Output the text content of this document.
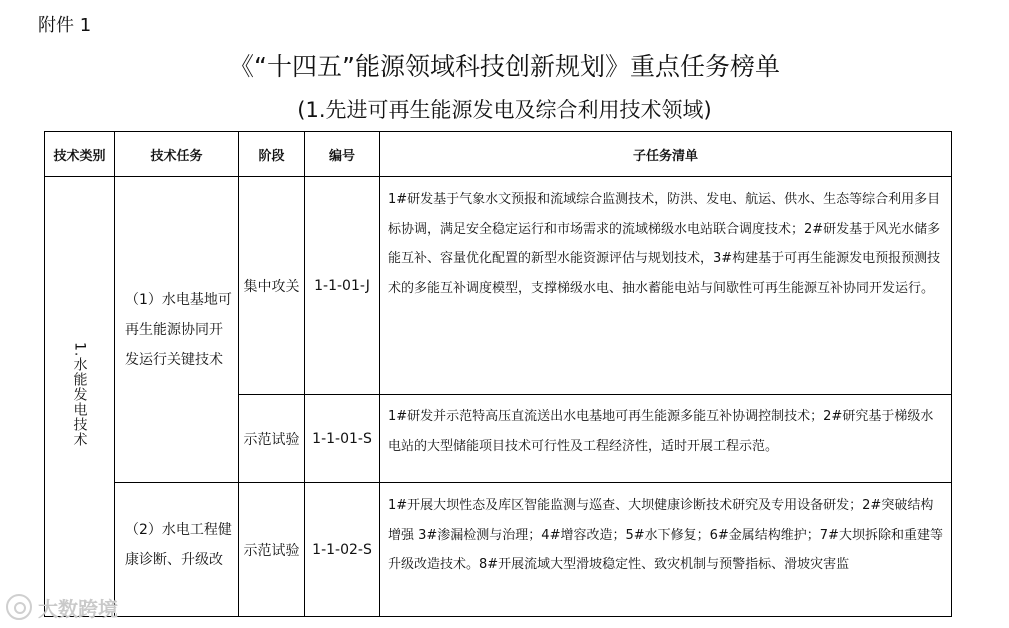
附件 1
《“十四五”能源领域科技创新规划》重点任务榜单
(1.先进可再生能源发电及综合利用技术领域)
技术类别	技术任务	阶段	编号	子任务清单
1.水能发电技术	（1）水电基地可再生能源协同开发运行关键技术	集中攻关	1-1-01-J	1#研发基于气象水文预报和流域综合监测技术，防洪、发电、航运、供水、生态等综合利用多目标协调，满足安全稳定运行和市场需求的流域梯级水电站联合调度技术；2#研发基于风光水储多能互补、容量优化配置的新型水能资源评估与规划技术，3#构建基于可再生能源发电预报预测技术的多能互补调度模型，支撑梯级水电、抽水蓄能电站与间歇性可再生能源互补协同开发运行。
		示范试验	1-1-01-S	1#研发并示范特高压直流送出水电基地可再生能源多能互补协调控制技术；2#研究基于梯级水电站的大型储能项目技术可行性及工程经济性，适时开展工程示范。
	（2）水电工程健康诊断、升级改	示范试验	1-1-02-S	1#开展大坝性态及库区智能监测与巡查、大坝健康诊断技术研究及专用设备研发；2#突破结构增强 3#渗漏检测与治理；4#增容改造；5#水下修复；6#金属结构维护；7#大坝拆除和重建等升级改造技术。8#开展流域大型滑坡稳定性、致灾机制与预警指标、滑坡灾害监
大数跨境
